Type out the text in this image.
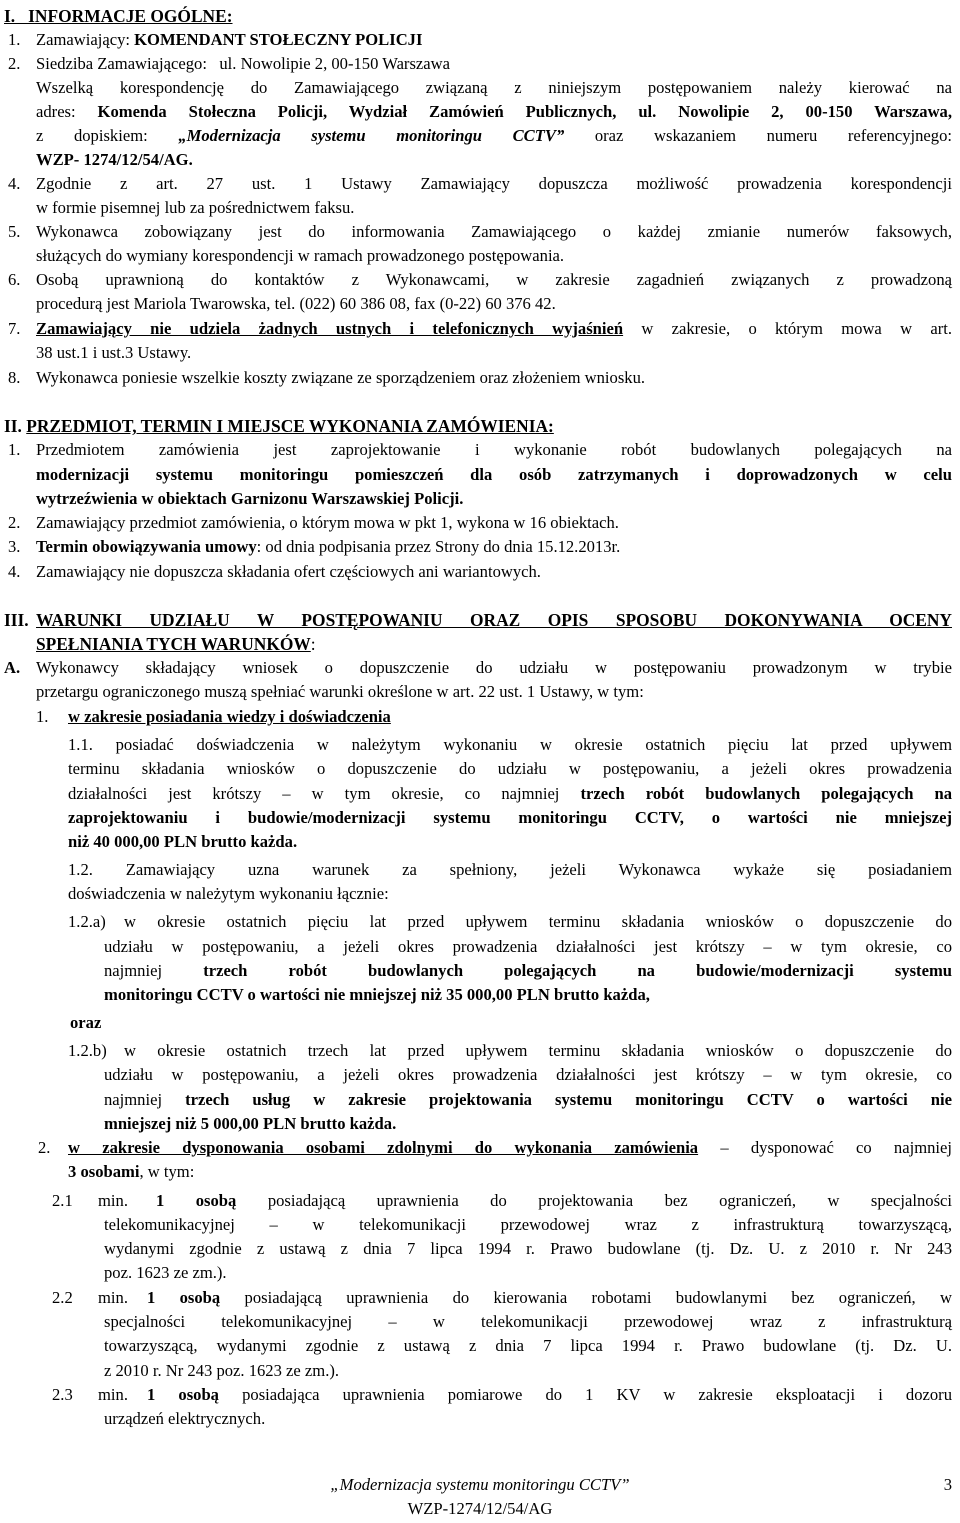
I.   INFORMACJE OGÓLNE:
1. Zamawiający: KOMENDANT STOŁECZNY POLICJI
2. Siedziba Zamawiającego:   ul. Nowolipie 2, 00-150 Warszawa
Wszelką korespondencję do Zamawiającego związaną z niniejszym postępowaniem należy kierować na
adres: Komenda Stołeczna Policji, Wydział Zamówień Publicznych, ul. Nowolipie 2, 00-150 Warszawa,
z dopiskiem: „Modernizacja systemu monitoringu CCTV” oraz wskazaniem numeru referencyjnego:
WZP- 1274/12/54/AG.
4. Zgodnie z art. 27 ust. 1 Ustawy Zamawiający dopuszcza możliwość prowadzenia korespondencji
w formie pisemnej lub za pośrednictwem faksu.
5. Wykonawca zobowiązany jest do informowania Zamawiającego o każdej zmianie numerów faksowych,
służących do wymiany korespondencji w ramach prowadzonego postępowania.
6. Osobą uprawnioną do kontaktów z Wykonawcami, w zakresie zagadnień związanych z prowadzoną
procedurą jest Mariola Twarowska, tel. (022) 60 386 08, fax (0-22) 60 376 42.
7. Zamawiający nie udziela żadnych ustnych i telefonicznych wyjaśnień w zakresie, o którym mowa w art.
38 ust.1 i ust.3 Ustawy.
8. Wykonawca poniesie wszelkie koszty związane ze sporządzeniem oraz złożeniem wniosku.
II. PRZEDMIOT, TERMIN I MIEJSCE WYKONANIA ZAMÓWIENIA:
1. Przedmiotem zamówienia jest zaprojektowanie i wykonanie robót budowlanych polegających na
modernizacji systemu monitoringu pomieszczeń dla osób zatrzymanych i doprowadzonych w celu
wytrzeźwienia w obiektach Garnizonu Warszawskiej Policji.
2. Zamawiający przedmiot zamówienia, o którym mowa w pkt 1, wykona w 16 obiektach.
3. Termin obowiązywania umowy: od dnia podpisania przez Strony do dnia 15.12.2013r.
4. Zamawiający nie dopuszcza składania ofert częściowych ani wariantowych.
III. WARUNKI UDZIAŁU W POSTĘPOWANIU ORAZ OPIS SPOSOBU DOKONYWANIA OCENY
SPEŁNIANIA TYCH WARUNKÓW:
A. Wykonawcy składający wniosek o dopuszczenie do udziału w postępowaniu prowadzonym w trybie
przetargu ograniczonego muszą spełniać warunki określone w art. 22 ust. 1 Ustawy, w tym:
1. w zakresie posiadania wiedzy i doświadczenia
1.1. posiadać doświadczenia w należytym wykonaniu w okresie ostatnich pięciu lat przed upływem
terminu składania wniosków o dopuszczenie do udziału w postępowaniu, a jeżeli okres prowadzenia
działalności jest krótszy – w tym okresie, co najmniej trzech robót budowlanych polegających na
zaprojektowaniu i budowie/modernizacji systemu monitoringu CCTV, o wartości nie mniejszej
niż 40 000,00 PLN brutto każda.
1.2. Zamawiający uzna warunek za spełniony, jeżeli Wykonawca wykaże się posiadaniem
doświadczenia w należytym wykonaniu łącznie:
1.2.a) w okresie ostatnich pięciu lat przed upływem terminu składania wniosków o dopuszczenie do
udziału w postępowaniu, a jeżeli okres prowadzenia działalności jest krótszy – w tym okresie, co
najmniej trzech robót budowlanych polegających na budowie/modernizacji systemu
monitoringu CCTV o wartości nie mniejszej niż 35 000,00 PLN brutto każda,
oraz
1.2.b) w okresie ostatnich trzech lat przed upływem terminu składania wniosków o dopuszczenie do
udziału w postępowaniu, a jeżeli okres prowadzenia działalności jest krótszy – w tym okresie, co
najmniej trzech usług w zakresie projektowania systemu monitoringu CCTV o wartości nie
mniejszej niż 5 000,00 PLN brutto każda.
2. w zakresie dysponowania osobami zdolnymi do wykonania zamówienia – dysponować co najmniej
3 osobami, w tym:
2.1 min. 1 osobą posiadającą uprawnienia do projektowania bez ograniczeń, w specjalności
telekomunikacyjnej – w telekomunikacji przewodowej wraz z infrastrukturą towarzyszącą,
wydanymi zgodnie z ustawą z dnia 7 lipca 1994 r. Prawo budowlane (tj. Dz. U. z 2010 r. Nr 243
poz. 1623 ze zm.).
2.2 min. 1 osobą posiadającą uprawnienia do kierowania robotami budowlanymi bez ograniczeń, w
specjalności telekomunikacyjnej – w telekomunikacji przewodowej wraz z infrastrukturą
towarzyszącą, wydanymi zgodnie z ustawą z dnia 7 lipca 1994 r. Prawo budowlane (tj. Dz. U.
z 2010 r. Nr 243 poz. 1623 ze zm.).
2.3 min. 1 osobą posiadająca uprawnienia pomiarowe do 1 KV w zakresie eksploatacji i dozoru
urządzeń elektrycznych.
„Modernizacja systemu monitoringu CCTV”
WZP-1274/12/54/AG
3
